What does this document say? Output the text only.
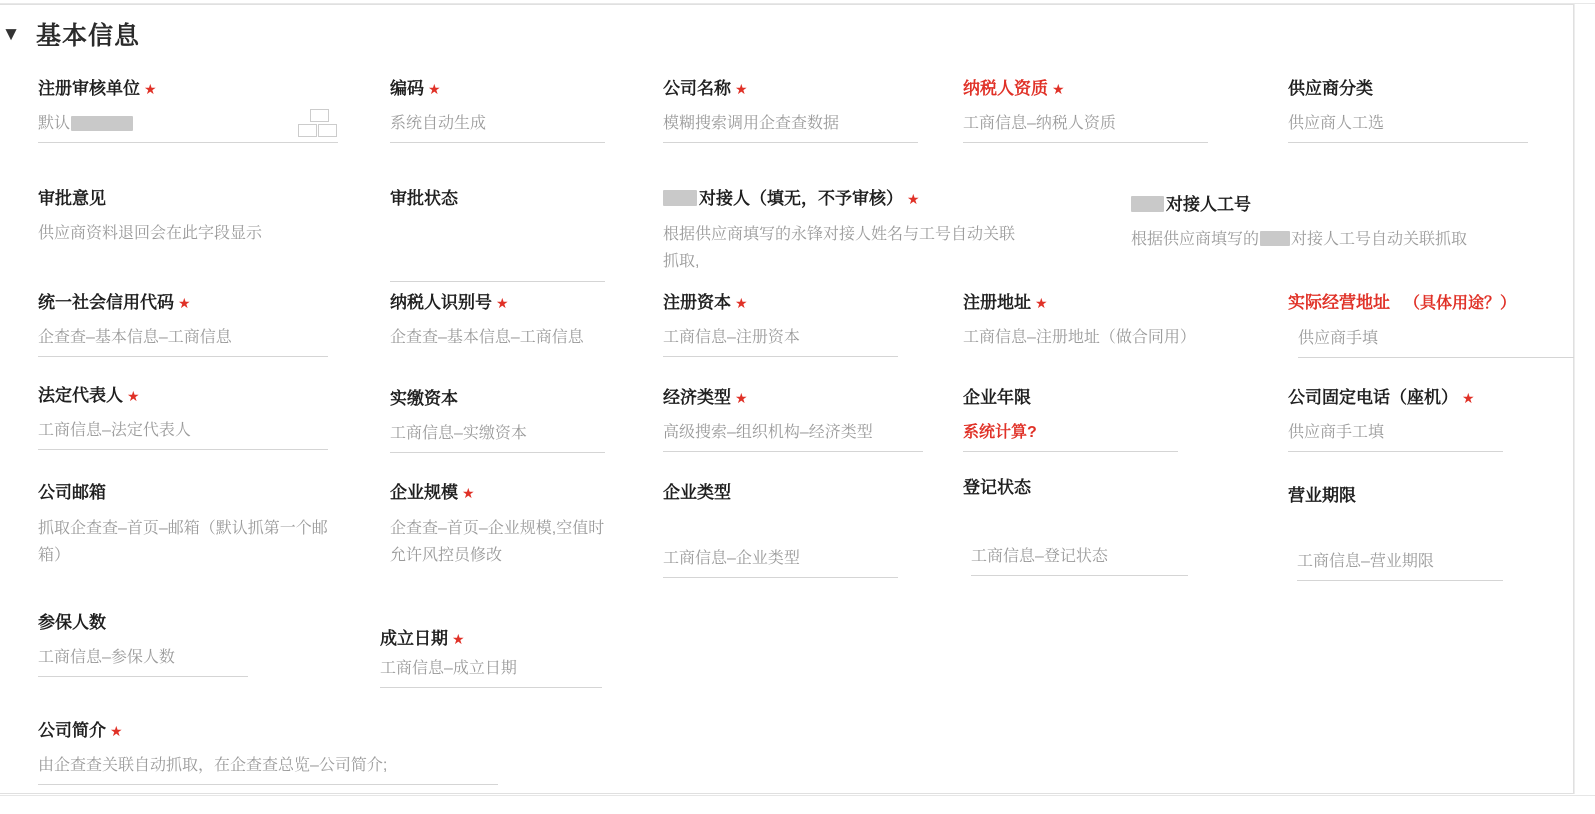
▼ 基本信息
注册审核单位 ★
默认
编码 ★
系统自动生成
公司名称 ★
模糊搜索调用企查查数据
纳税人资质 ★
工商信息–纳税人资质
供应商分类
供应商人工选
审批意见
供应商资料退回会在此字段显示
审批状态	对接人（填无，不予审核） ★
根据供应商填写的永锋对接人姓名与工号自动关联抓取,
对接人工号
根据供应商填写的 对接人工号自动关联抓取
统一社会信用代码 ★
企查查–基本信息–工商信息
纳税人识别号 ★
企查查–基本信息–工商信息
注册资本 ★
工商信息–注册资本
注册地址 ★
工商信息–注册地址（做合同用）
实际经营地址 （具体用途？）
供应商手填
法定代表人 ★
工商信息–法定代表人
实缴资本
工商信息–实缴资本
经济类型 ★
高级搜索–组织机构–经济类型
企业年限
系统计算?
公司固定电话（座机） ★
供应商手工填
公司邮箱
抓取企查查–首页–邮箱（默认抓第一个邮箱）
企业规模 ★
企查查–首页–企业规模,空值时允许风控员修改
企业类型
工商信息–企业类型
登记状态
工商信息–登记状态
营业期限
工商信息–营业期限
参保人数
工商信息–参保人数
成立日期 ★
工商信息–成立日期
公司简介 ★
由企查查关联自动抓取，在企查查总览–公司简介;
